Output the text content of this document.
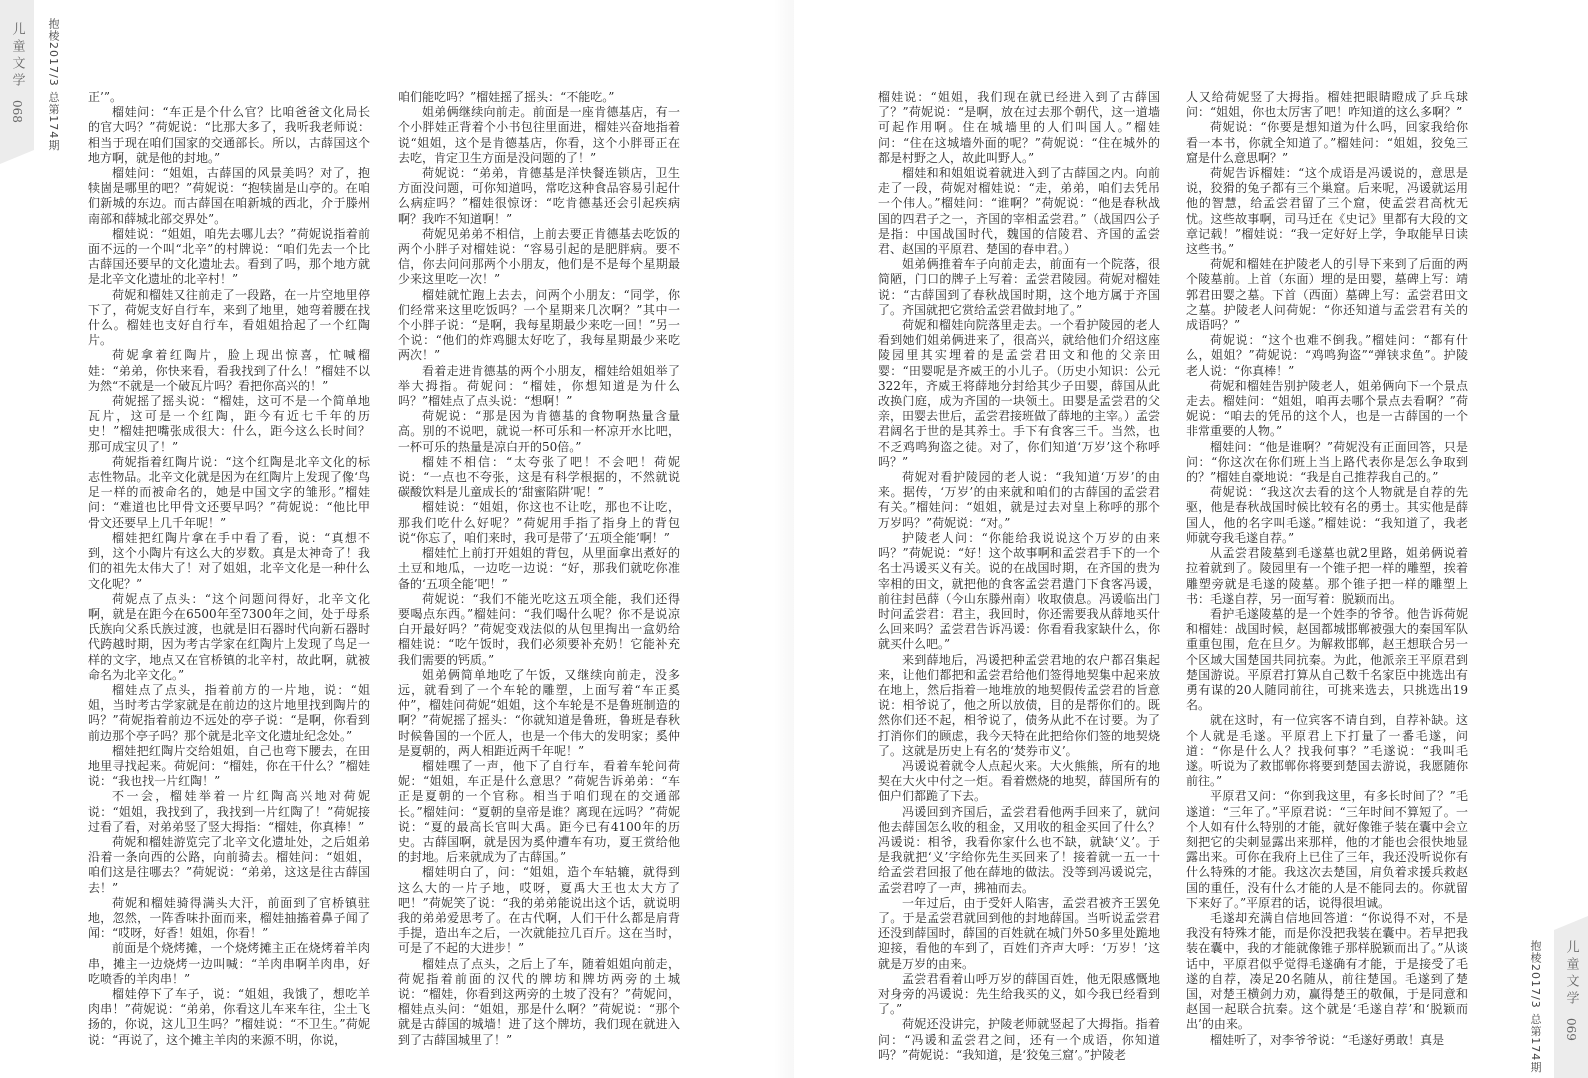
儿童文学
068 抱棱2017/3 总第174期 正’”。

榴娃问：“车正是个什么官？比咱爸爸文化局长的官大吗？”荷妮说：“比那大多了，我听我老师说：相当于现在咱们国家的交通部长。所以，古薛国这个地方啊，就是他的封地。”

榴娃问：“姐姐，古薛国的风景美吗？对了，抱犊崮是哪里的吧？”荷妮说：“抱犊崮是山亭的。在咱们新城的东边。而古薛国在咱新城的西北，介于滕州南部和薛城北部交界处”。

榴娃说：“姐姐，咱先去哪儿去？”荷妮说指着前面不远的一个叫“北辛”的村牌说：“咱们先去一个比古薛国还要早的文化遗址去。看到了吗，那个地方就是北辛文化遗址的北辛村！”

荷妮和榴娃又往前走了一段路，在一片空地里停下了，荷妮支好自行车，来到了地里，她弯着腰在找什么。榴娃也支好自行车，看姐姐拾起了一个红陶片。

荷妮拿着红陶片，脸上现出惊喜，忙喊榴娃：“弟弟，你快来看，看我找到了什么！”榴娃不以为然“不就是一个破瓦片吗？看把你高兴的！”

荷妮摇了摇头说：“榴娃，这可不是一个简单地瓦片，这可是一个红陶，距今有近七千年的历史！”榴娃把嘴张成很大：什么，距今这么长时间？那可成宝贝了！”

荷妮指着红陶片说：“这个红陶是北辛文化的标志性物品。北辛文化就是因为在红陶片上发现了像‘鸟足一样的而被命名的，她是中国文字的雏形。”榴娃问：“难道也比甲骨文还要早吗？”荷妮说：“他比甲骨文还要早上几千年呢！”

榴娃把红陶片拿在手中看了看，说：“真想不到，这个小陶片有这么大的岁数。真是太神奇了！我们的祖先太伟大了！对了姐姐，北辛文化是一种什么文化呢？”

荷妮点了点头：“这个问题问得好，北辛文化啊，就是在距今在6500年至7300年之间，处于母系氏族向父系氏族过渡，也就是旧石器时代向新石器时代跨越时期，因为考古学家在红陶片上发现了鸟足一样的文字，地点又在官桥镇的北辛村，故此啊，就被命名为北辛文化。”

榴娃点了点头，指着前方的一片地，说：“姐姐，当时考古学家就是在前边的这片地里找到陶片的吗？”荷妮指着前边不远处的亭子说：“是啊，你看到前边那个亭子吗？那个就是北辛文化遗址纪念处。”

榴娃把红陶片交给姐姐，自己也弯下腰去，在田地里寻找起来。荷妮问：“榴娃，你在干什么？”榴娃说：“我也找一片红陶！”

不一会，榴娃举着一片红陶高兴地对荷妮说：“姐姐，我找到了，我找到一片红陶了！”荷妮接过看了看，对弟弟竖了竖大拇指：“榴娃，你真棒！”

荷妮和榴娃游览完了北辛文化遗址处，之后姐弟沿着一条向西的公路，向前骑去。榴娃问：“姐姐，咱们这是往哪去？”荷妮说：“弟弟，这这是往古薛国去！”

荷妮和榴娃骑得满头大汗，前面到了官桥镇驻地，忽然，一阵香味扑面而来，榴娃抽搐着鼻子闻了闻：“哎呀，好香！姐姐，你看！”

前面是个烧烤摊，一个烧烤摊主正在烧烤着羊肉串，摊主一边烧烤一边叫喊：“羊肉串啊羊肉串，好吃喷香的羊肉串！”

榴娃停下了车子，说：“姐姐，我饿了，想吃羊肉串！”荷妮说：“弟弟，你看这儿车来车往，尘土飞扬的，你说，这儿卫生吗？”榴娃说：“不卫生。”荷妮说：“再说了，这个摊主羊肉的来源不明，你说，

咱们能吃吗？”榴娃摇了摇头：“不能吃。”

姐弟俩继续向前走。前面是一座肯德基店，有一个小胖娃正背着个小书包往里面进，榴娃兴奋地指着说“姐姐，这个是肯德基店，你看，这个小胖哥正在去吃，肯定卫生方面是没问题的了！”

荷妮说：“弟弟，肯德基是洋快餐连锁店，卫生方面没问题，可你知道吗，常吃这种食品容易引起什么病症吗？”榴娃很惊讶：“吃肯德基还会引起疾病啊？我咋不知道啊！”

荷妮见弟弟不相信，上前去要正肯德基去吃饭的两个小胖子对榴娃说：“容易引起的是肥胖病。要不信，你去问问那两个小朋友，他们是不是每个星期最少来这里吃一次！”

榴娃就忙跑上去去，问两个小朋友：“同学，你们经常来这里吃饭吗？一个星期来几次啊？”其中一个小胖子说：“是啊，我每星期最少来吃一回！”另一个说：“他们的炸鸡腿太好吃了，我每星期最少来吃两次！”

看着走进肯德基的两个小朋友，榴娃给姐姐举了举大拇指。荷妮问：“榴娃，你想知道是为什么吗？”榴娃点了点头说：“想啊！”

荷妮说：“那是因为肯德基的食物啊热量含量高。别的不说吧，就说一杯可乐和一杯凉开水比吧，一杯可乐的热量是凉白开的50倍。”

榴娃不相信：“太夸张了吧！不会吧！荷妮说：“一点也不夸张，这是有科学根据的，不然就说碳酸饮料是儿童成长的‘甜蜜陷阱’呢！”

榴娃说：“姐姐，你这也不让吃，那也不让吃，那我们吃什么好呢？”荷妮用手指了指身上的背包说“你忘了，咱们来时，我可是带了‘五项全能’啊！”

榴娃忙上前打开姐姐的背包，从里面拿出煮好的土豆和地瓜，一边吃一边说：“好，那我们就吃你准备的‘五项全能’吧！”

荷妮说：“我们不能光吃这五项全能，我们还得要喝点东西。”榴娃问：“我们喝什么呢？你不是说凉白开最好吗？”荷妮变戏法似的从包里掏出一盒奶给榴娃说：“吃午饭时，我们必须要补充奶！它能补充我们需要的钙质。”

姐弟俩简单地吃了午饭，又继续向前走，没多远，就看到了一个车轮的雕塑，上面写着“车正奚仲”，榴娃问荷妮“姐姐，这个车轮是不是鲁班制造的啊？”荷妮摇了摇头：“你就知道是鲁班，鲁班是春秋时候鲁国的一个匠人，也是一个伟大的发明家；奚仲是夏朝的，两人相距近两千年呢！”

榴娃嘿了一声，他下了自行车，看着车轮问荷妮：“姐姐，车正是什么意思？”荷妮告诉弟弟：“车正是夏朝的一个官称。相当于咱们现在的交通部长。”榴娃问：“夏朝的皇帝是谁？离现在远吗？”荷妮说：“夏的最高长官叫大禹。距今已有4100年的历史。古薛国啊，就是因为奚仲遭车有功，夏王赏给他的封地。后来就成为了古薛国。”

榴娃明白了，问：“姐姐，造个车轱辘，就得到这么大的一片子地，哎呀，夏禹大王也太大方了吧！”荷妮笑了说：“我的弟弟能说出这个话，就说明我的弟弟爱思考了。在古代啊，人们干什么都是肩背手提，造出车之后，一次就能拉几百斤。这在当时，可是了不起的大进步！”

榴娃点了点头，之后上了车，随着姐姐向前走，荷妮指着前面的汉代的牌坊和牌坊两旁的土城说：“榴娃，你看到这两旁的土坡了没有？”荷妮问，榴娃点头问：“姐姐，那是什么啊？”荷妮说：“那个就是古薛国的城墙！进了这个牌坊，我们现在就进入到了古薛国城里了！”

儿童文学
069
抱棱2017/3 总第174期

榴娃说：“姐姐，我们现在就已经进入到了古薛国了？”荷妮说：“是啊，放在过去那个朝代，这一道墙可起作用啊。住在城墙里的人们叫国人。”榴娃问：“住在这城墙外面的呢？”荷妮说：“住在城外的都是村野之人，故此叫野人。”

榴娃和和姐姐说着就进入到了古薛国之内。向前走了一段，荷妮对榴娃说：“走，弟弟，咱们去凭吊一个伟人。”榴娃问：“谁啊？”荷妮说：“他是春秋战国的四君子之一，齐国的宰相孟尝君。”（战国四公子是指：中国战国时代，魏国的信陵君、齐国的孟尝君、赵国的平原君、楚国的春申君。）

姐弟俩推着车子向前走去，前面有一个院落，很简陋，门口的牌子上写着：孟尝君陵园。荷妮对榴娃说：“古薛国到了春秋战国时期，这个地方属于齐国了。齐国就把它赏给孟尝君做封地了。”

荷妮和榴娃向院落里走去。一个看护陵园的老人看到她们姐弟俩进来了，很高兴，就给他们介绍这座陵园里其实埋着的是孟尝君田文和他的父亲田婴：“田婴呢是齐威王的小儿子。（历史小知识：公元322年，齐威王将薛地分封给其少子田婴，薛国从此改换门庭，成为齐国的一块领土。田婴是孟尝君的父亲，田婴去世后，孟尝君接班做了薛地的主宰。）孟尝君阔名于世的是其养士。手下有食客三千。当然，也不乏鸡鸣狗盗之徒。对了，你们知道‘万岁’这个称呼吗？”

荷妮对看护陵园的老人说：“我知道‘万岁’的由来。据传，‘万岁’的由来就和咱们的古薛国的孟尝君有关。”榴娃问：“姐姐，就是过去对皇上称呼的那个万岁吗？”荷妮说：“对。”

护陵老人问：“你能给我说说这个万岁的由来吗？”荷妮说：“好！这个故事啊和孟尝君手下的一个名士冯谖买义有关。说的在战国时期，在齐国的贵为宰相的田文，就把他的食客孟尝君遣门下食客冯谖，前往封邑薛（今山东滕州南）收取债息。冯谖临出门时问孟尝君：君主，我回时，你还需要我从薛地买什么回来吗？孟尝君告诉冯谖：你看看我家缺什么，你就买什么吧。”

来到薛地后，冯谖把种孟尝君地的农户都召集起来，让他们都把和孟尝君给他们签得地契集中起来放在地上，然后指着一地堆放的地契假传孟尝君的旨意说：相爷说了，他之所以放债，目的是帮你们的。既然你们还不起，相爷说了，债务从此不在讨要。为了打消你们的顾虑，我今天特在此把给你们签的地契烧了。这就是历史上有名的‘焚券市义’。

冯谖说着就令人点起火来。大火熊熊，所有的地契在大火中付之一炬。看着燃烧的地契，薛国所有的佃户们都跪了下去。

冯谖回到齐国后，孟尝君看他两手回来了，就问他去薛国怎么收的租金，又用收的租金买回了什么？冯谖说：相爷，我看你家什么也不缺，就缺‘义’。于是我就把‘义’字给你先生买回来了！接着就一五一十给孟尝君回报了他在薛地的做法。没等到冯谖说完，孟尝君哼了一声，拂袖而去。

一年过后，由于受奸人陷害，孟尝君被齐王罢免了。于是孟尝君就回到他的封地薛国。当听说孟尝君还没到薛国时，薛国的百姓就在城门外50多里处跪地迎接，看他的车到了，百姓们齐声大呼：‘万岁！’这就是万岁的由来。

孟尝君看着山呼万岁的薛国百姓，他无限感慨地对身旁的冯谖说：先生给我买的义，如今我已经看到了。”

荷妮还没讲完，护陵老师就竖起了大拇指。指着问：“冯谖和孟尝君之间，还有一个成语，你知道吗？”荷妮说：“我知道，是‘狡兔三窟’。”护陵老

人又给荷妮竖了大拇指。榴娃把眼睛瞪成了乒乓球问：“姐姐，你也太厉害了吧！咋知道的这么多啊？”

荷妮说：“你要是想知道为什么吗，回家我给你看一本书，你就全知道了。”榴娃问：“姐姐，狡兔三窟是什么意思啊？”

荷妮告诉榴娃：“这个成语是冯谖说的，意思是说，狡猾的兔子都有三个巢窟。后来呢，冯谖就运用他的智慧，给孟尝君留了三个窟，使孟尝君高枕无忧。这些故事啊，司马迁在《史记》里都有大段的文章记载！”榴娃说：“我一定好好上学，争取能早日读这些书。”

荷妮和榴娃在护陵老人的引导下来到了后面的两个陵墓前。上首（东面）埋的是田婴，墓碑上写：靖郭君田婴之墓。下首（西面）墓碑上写：孟尝君田文之墓。护陵老人问荷妮：“你还知道与孟尝君有关的成语吗？”

荷妮说：“这个也难不倒我。”榴娃问：“都有什么，姐姐？”荷妮说：“鸡鸣狗盗”“弹铗求鱼”。护陵老人说：“你真棒！”

荷妮和榴娃告别护陵老人，姐弟俩向下一个景点走去。榴娃问：“姐姐，咱再去哪个景点去看啊？”荷妮说：“咱去的凭吊的这个人，也是一古薛国的一个非常重要的人物。”

榴娃问：“他是谁啊？”荷妮没有正面回答，只是问：“你这次在你们班上当上路代表你是怎么争取到的？”榴娃自豪地说：“我是自己推荐我自己的。”

荷妮说：“我这次去看的这个人物就是自荐的先驱，他是春秋战国时候比较有名的勇士。其实他是薛国人，他的名字叫毛遂。”榴娃说：“我知道了，我老师就夸我毛遂自荐。”

从孟尝君陵墓到毛遂墓也就2里路，姐弟俩说着拉着就到了。陵园里有一个锥子把一样的雕塑，挨着雕塑旁就是毛遂的陵墓。那个锥子把一样的雕塑上书：毛遂自荐，另一面写着：脱颖而出。

看护毛遂陵墓的是一个姓李的爷爷。他告诉荷妮和榴娃：战国时候，赵国都城邯郸被强大的秦国军队重重包围，危在旦夕。为解救邯郸，赵王想联合另一个区域大国楚国共同抗秦。为此，他派亲王平原君到楚国游说。平原君打算从自己数千名家臣中挑选出有勇有谋的20人随同前往，可挑来选去，只挑选出19名。

就在这时，有一位宾客不请自到，自荐补缺。这个人就是毛遂。平原君上下打量了一番毛遂，问道：“你是什么人？找我何事？”毛遂说：“我叫毛遂。听说为了救邯郸你将要到楚国去游说，我愿随你前往。”

平原君又问：“你到我这里，有多长时间了？”毛遂道：“三年了。”平原君说：“三年时间不算短了。一个人如有什么特别的才能，就好像锥子装在囊中会立刻把它的尖刺显露出来那样，他的才能也会很快地显露出来。可你在我府上已住了三年，我还没听说你有什么特殊的才能。我这次去楚国，肩负着求援兵救赵国的重任，没有什么才能的人是不能同去的。你就留下来好了。”平原君的话，说得很坦诚。

毛遂却充满自信地回答道：“你说得不对，不是我没有特殊才能，而是你没把我装在囊中。若早把我装在囊中，我的才能就像锥子那样脱颖而出了。”从谈话中，平原君似乎觉得毛遂确有才能，于是接受了毛遂的自荐，凑足20名随从，前往楚国。毛遂到了楚国，对楚王横剑力劝，赢得楚王的敬佩，于是同意和赵国一起联合抗秦。这个就是‘毛遂自荐’和‘脱颖而出’的由来。

榴娃听了，对李爷爷说：“毛遂好勇敢！真是
